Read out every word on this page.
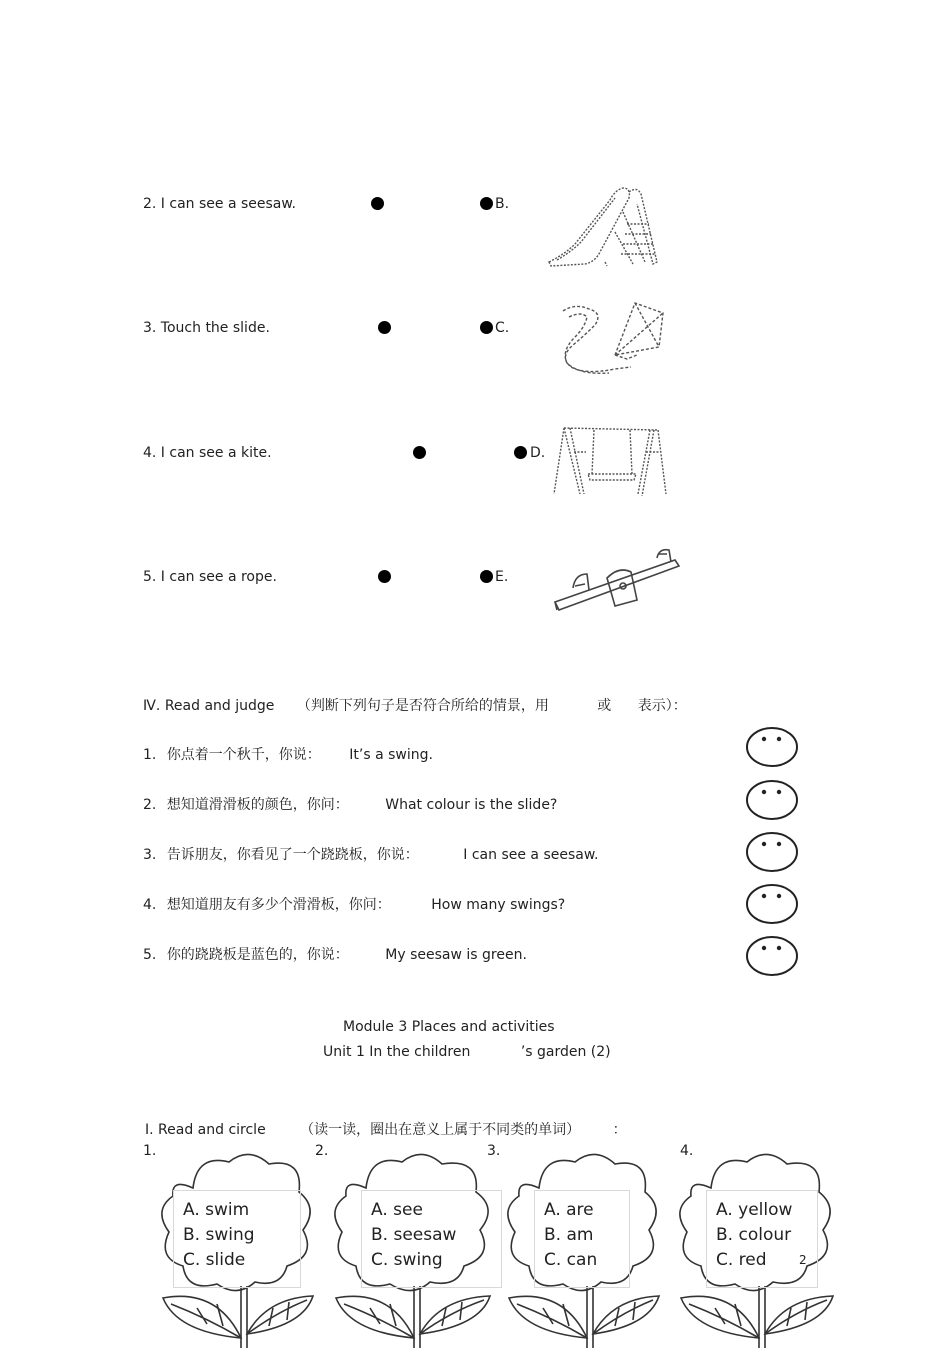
2. I can see a seesaw.	B.
3. Touch the slide.	C.
4. I can see a kite.	D.
5. I can see a rope.	E.
Ⅳ. Read and judge （判断下列句子是否符合所给的情景，用	或 表示）：
1. 你点着一个秋千，你说： It’s a swing.
2. 想知道滑滑板的颜色，你问：	What colour is the slide?
3. 告诉朋友，你看见了一个跷跷板，你说：	I can see a seesaw.
4. 想知道朋友有多少个滑滑板，你问：	How many swings?
5. 你的跷跷板是蓝色的，你说：	My seesaw is green.
Module 3 Places and activities
Unit 1 In the children	’s garden (2)
Ⅰ. Read and circle （读一读，圈出在意义上属于不同类的单词） ：
1.	2.	3.	4.
A. swim
B. swing
C. slide
A. see
B. seesaw
C. swing
A. are
B. am
C. can
A. yellow
B. colour
C. red	2
